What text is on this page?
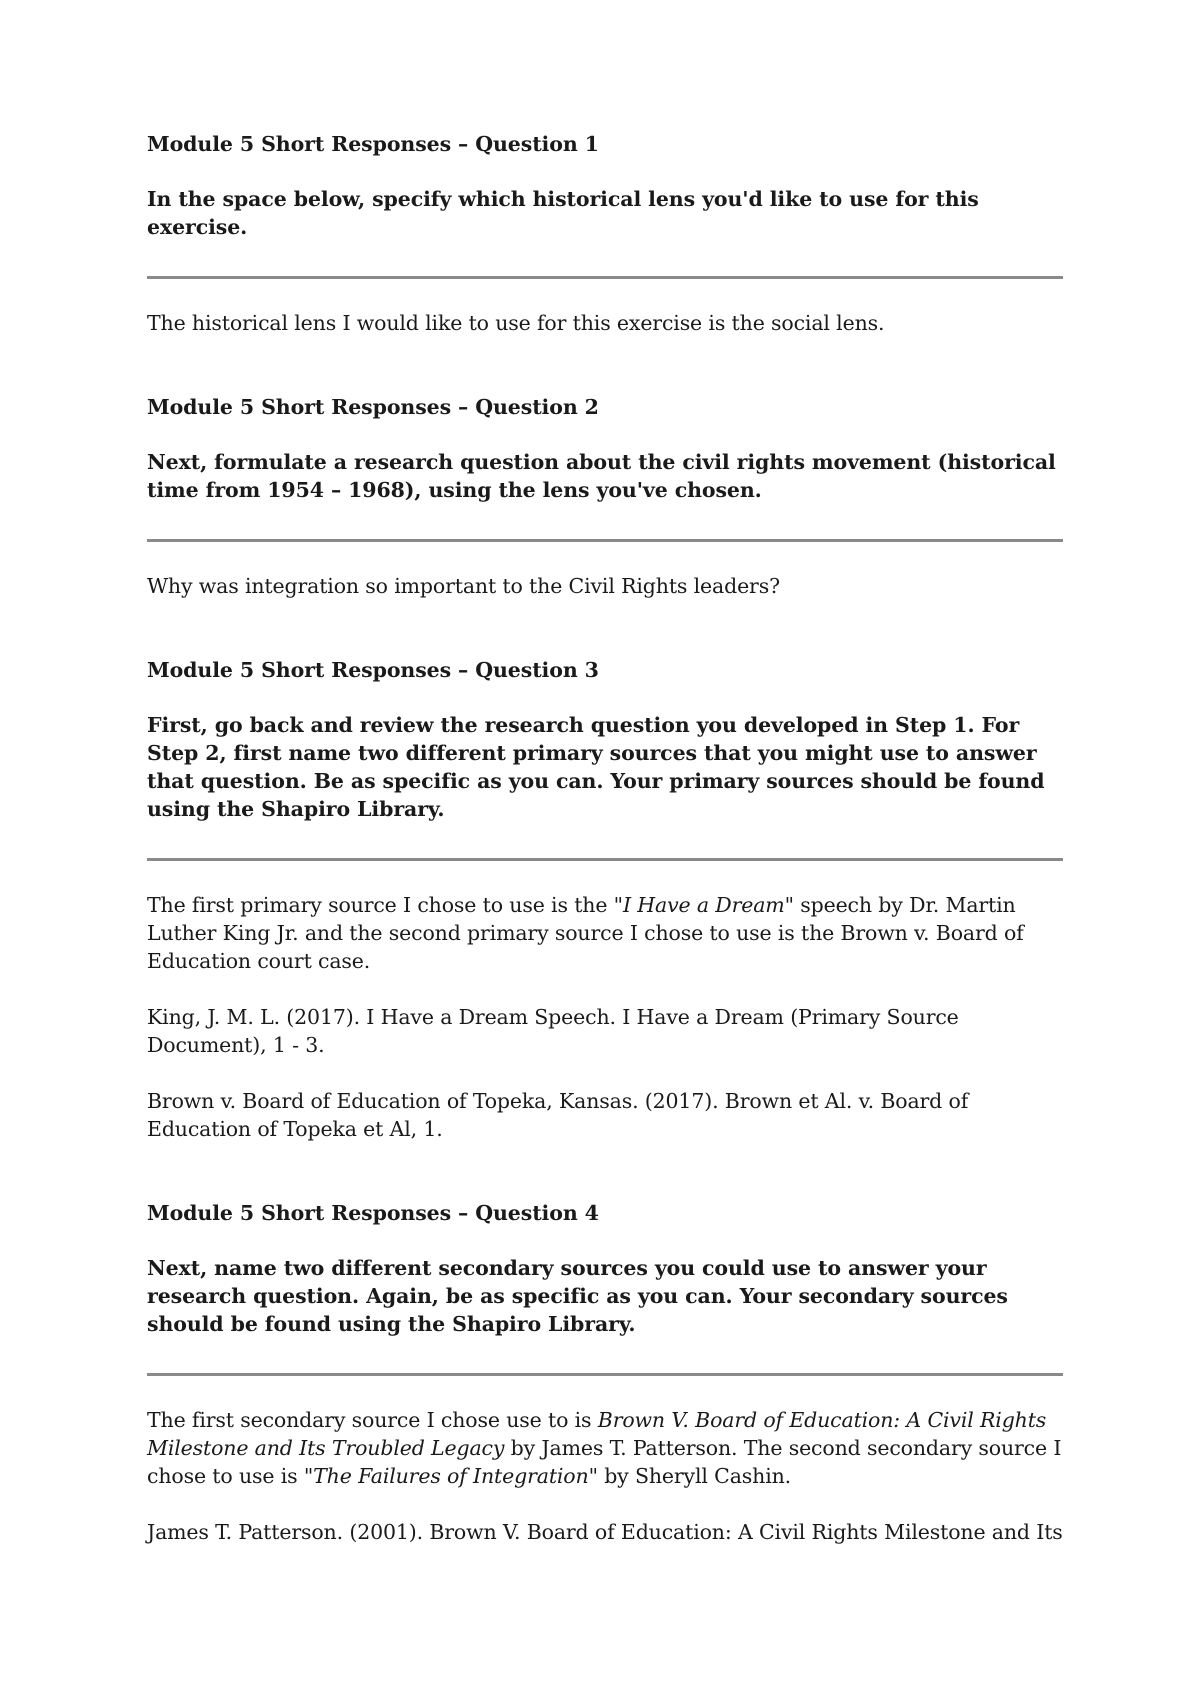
Module 5 Short Responses – Question 1

In the space below, specify which historical lens you'd like to use for this exercise.

The historical lens I would like to use for this exercise is the social lens.

Module 5 Short Responses – Question 2

Next, formulate a research question about the civil rights movement (historical time from 1954 – 1968), using the lens you've chosen.

Why was integration so important to the Civil Rights leaders?

Module 5 Short Responses – Question 3

First, go back and review the research question you developed in Step 1. For Step 2, first name two different primary sources that you might use to answer that question. Be as specific as you can. Your primary sources should be found using the Shapiro Library.

The first primary source I chose to use is the "I Have a Dream" speech by Dr. Martin Luther King Jr. and the second primary source I chose to use is the Brown v. Board of Education court case.

King, J. M. L. (2017). I Have a Dream Speech. I Have a Dream (Primary Source Document), 1 - 3.

Brown v. Board of Education of Topeka, Kansas. (2017). Brown et Al. v. Board of Education of Topeka et Al, 1.

Module 5 Short Responses – Question 4

Next, name two different secondary sources you could use to answer your research question. Again, be as specific as you can. Your secondary sources should be found using the Shapiro Library.

The first secondary source I chose use to is Brown V. Board of Education: A Civil Rights Milestone and Its Troubled Legacy by James T. Patterson. The second secondary source I chose to use is "The Failures of Integration" by Sheryll Cashin.

James T. Patterson. (2001). Brown V. Board of Education: A Civil Rights Milestone and Its
